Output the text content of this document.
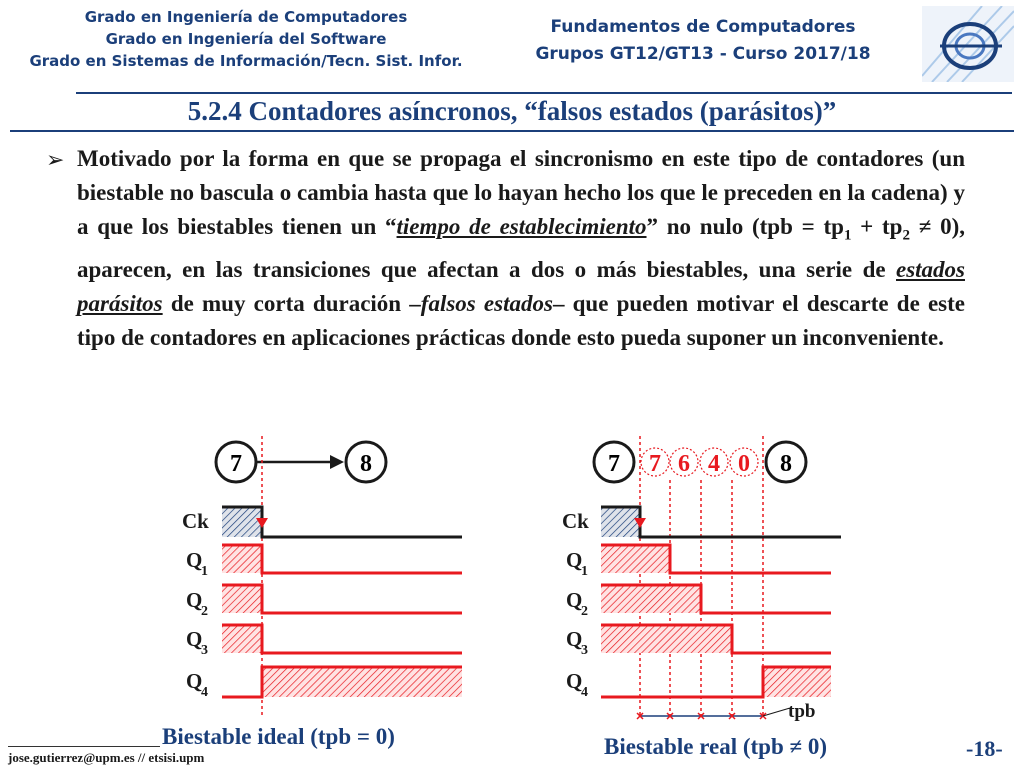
Grado en Ingeniería de Computadores
Grado en Ingeniería del Software
Grado en Sistemas de Información/Tecn. Sist. Infor.
Fundamentos de Computadores
Grupos GT12/GT13 - Curso 2017/18
5.2.4 Contadores asíncronos, “falsos estados (parásitos)”
➢ Motivado por la forma en que se propaga el sincronismo en este tipo de contadores (un biestable no bascula o cambia hasta que lo hayan hecho los que le preceden en la cadena) y a que los biestables tienen un “tiempo de establecimiento” no nulo $(tpb = tp_1 + tp_2 \ne 0)$, aparecen, en las transiciones que afectan a dos o más biestables, una serie de estados parásitos de muy corta duración –falsos estados– que pueden motivar el descarte de este tipo de contadores en aplicaciones prácticas donde esto pueda suponer un inconveniente.
7	8
Ck
Q
1
Q
2
Q
3
Q
4
7 7 6 4 0 8
Ck
Q
1
Q
2
Q
3
Q
4
tpb
Biestable ideal (tpb = 0)	Biestable real (tpb ≠ 0)
jose.gutierrez@upm.es // etsisi.upm	-18-
